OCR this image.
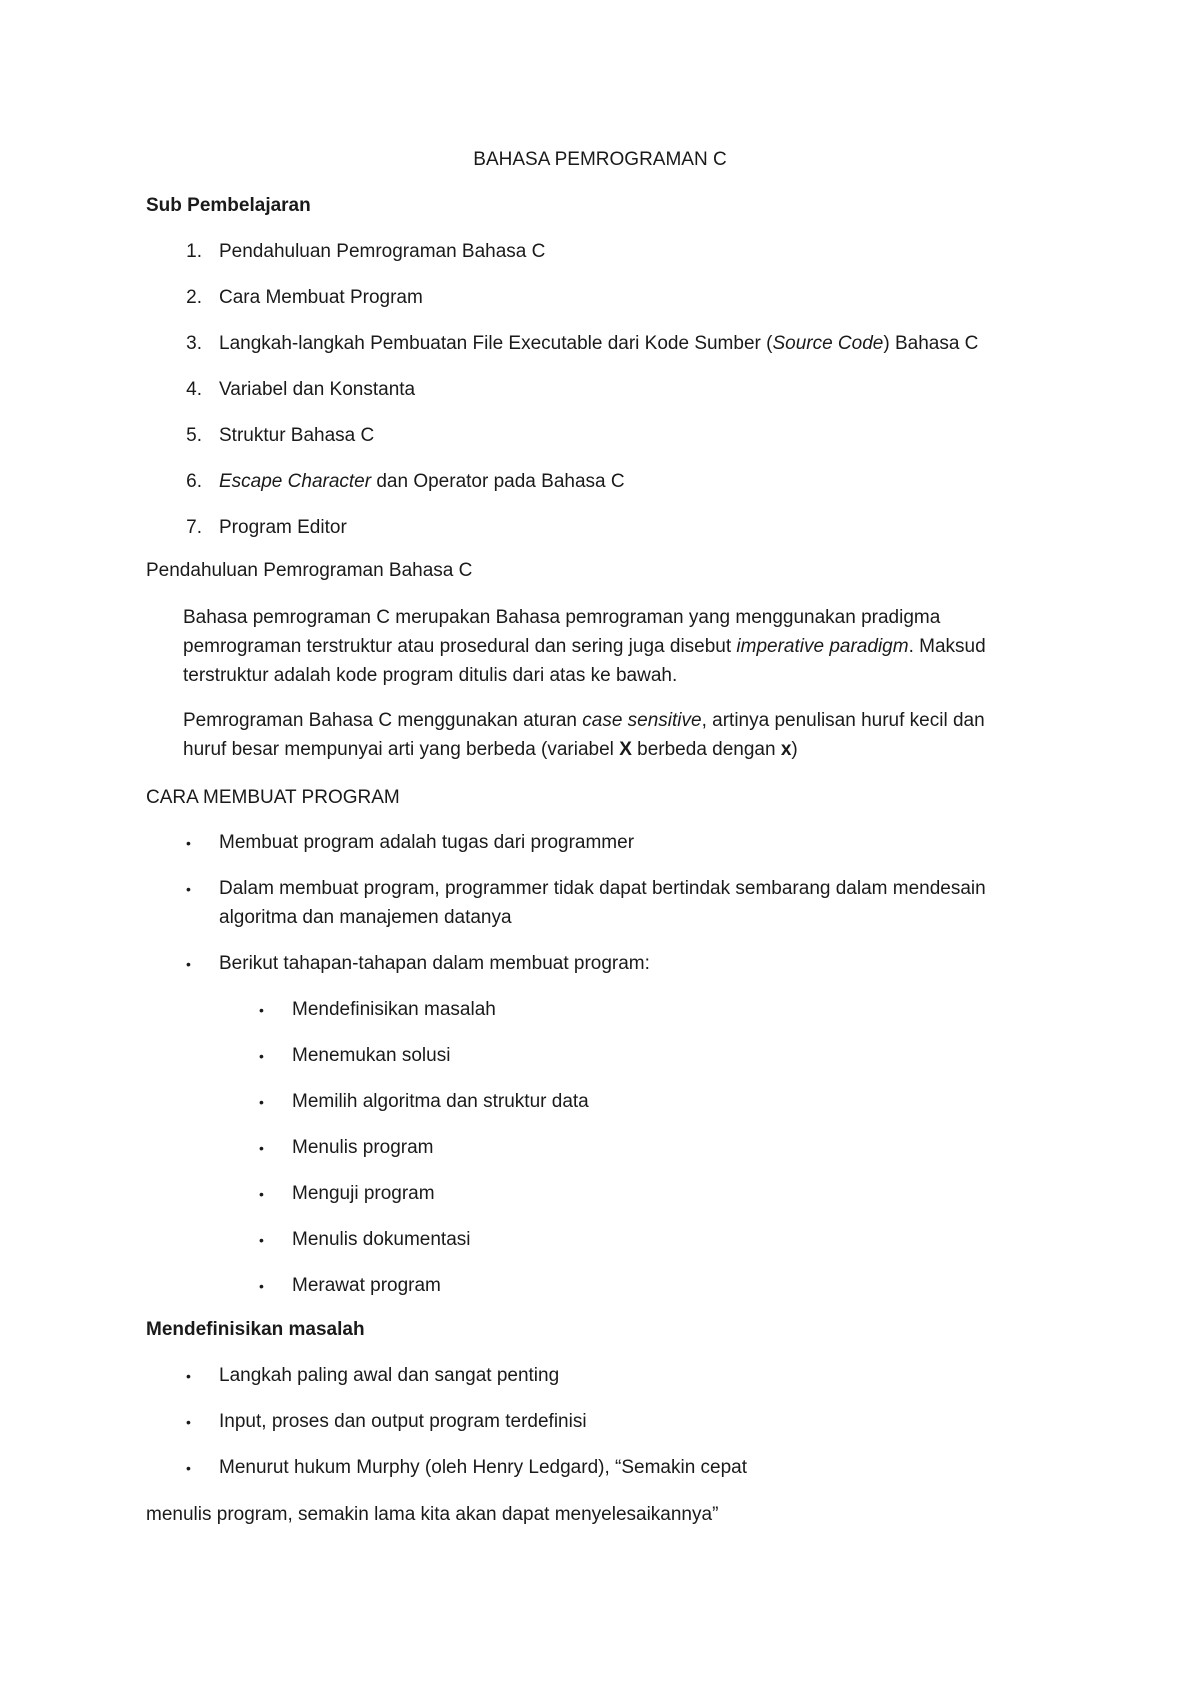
BAHASA PEMROGRAMAN C
Sub Pembelajaran
1. Pendahuluan Pemrograman Bahasa C
2. Cara Membuat Program
3. Langkah-langkah Pembuatan File Executable dari Kode Sumber (Source Code) Bahasa C
4. Variabel dan Konstanta
5. Struktur Bahasa C
6. Escape Character dan Operator pada Bahasa C
7. Program Editor
Pendahuluan Pemrograman Bahasa C
Bahasa pemrograman C merupakan Bahasa pemrograman yang menggunakan pradigma
pemrograman terstruktur atau prosedural dan sering juga disebut imperative paradigm. Maksud
terstruktur adalah kode program ditulis dari atas ke bawah.
Pemrograman Bahasa C menggunakan aturan case sensitive, artinya penulisan huruf kecil dan
huruf besar mempunyai arti yang berbeda (variabel X berbeda dengan x)
CARA MEMBUAT PROGRAM
• Membuat program adalah tugas dari programmer
• Dalam membuat program, programmer tidak dapat bertindak sembarang dalam mendesain
algoritma dan manajemen datanya
• Berikut tahapan-tahapan dalam membuat program:
• Mendefinisikan masalah
• Menemukan solusi
• Memilih algoritma dan struktur data
• Menulis program
• Menguji program
• Menulis dokumentasi
• Merawat program
Mendefinisikan masalah
• Langkah paling awal dan sangat penting
• Input, proses dan output program terdefinisi
• Menurut hukum Murphy (oleh Henry Ledgard), “Semakin cepat
menulis program, semakin lama kita akan dapat menyelesaikannya”
